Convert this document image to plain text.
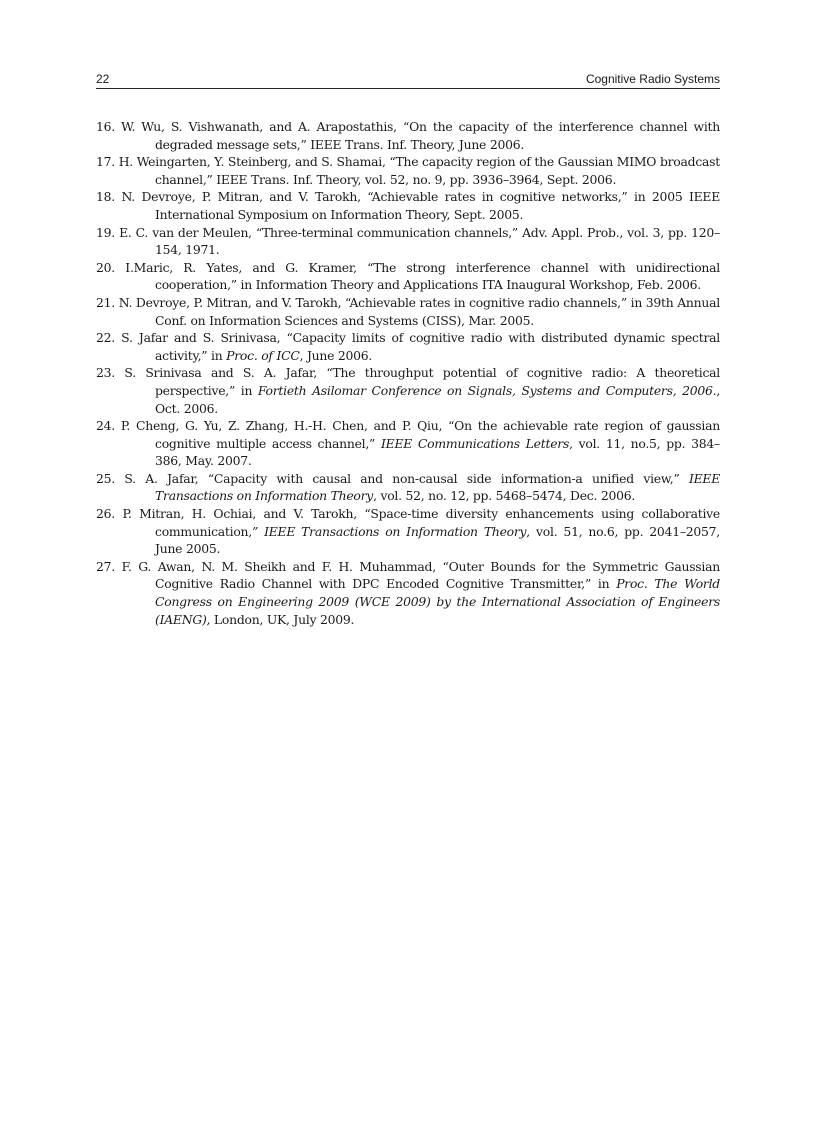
22	Cognitive Radio Systems
16. W. Wu, S. Vishwanath, and A. Arapostathis, “On the capacity of the interference channel with degraded message sets,” IEEE Trans. Inf. Theory, June 2006.
17. H. Weingarten, Y. Steinberg, and S. Shamai, “The capacity region of the Gaussian MIMO broadcast channel,” IEEE Trans. Inf. Theory, vol. 52, no. 9, pp. 3936–3964, Sept. 2006.
18. N. Devroye, P. Mitran, and V. Tarokh, “Achievable rates in cognitive networks,” in 2005 IEEE International Symposium on Information Theory, Sept. 2005.
19. E. C. van der Meulen, “Three-terminal communication channels,” Adv. Appl. Prob., vol. 3, pp. 120–154, 1971.
20. I.Maric, R. Yates, and G. Kramer, “The strong interference channel with unidirectional cooperation,” in Information Theory and Applications ITA Inaugural Workshop, Feb. 2006.
21. N. Devroye, P. Mitran, and V. Tarokh, “Achievable rates in cognitive radio channels,” in 39th Annual Conf. on Information Sciences and Systems (CISS), Mar. 2005.
22. S. Jafar and S. Srinivasa, “Capacity limits of cognitive radio with distributed dynamic spectral activity,” in Proc. of ICC, June 2006.
23. S. Srinivasa and S. A. Jafar, “The throughput potential of cognitive radio: A theoretical perspective,” in Fortieth Asilomar Conference on Signals, Systems and Computers, 2006., Oct. 2006.
24. P. Cheng, G. Yu, Z. Zhang, H.-H. Chen, and P. Qiu, “On the achievable rate region of gaussian cognitive multiple access channel,” IEEE Communications Letters, vol. 11, no.5, pp. 384–386, May. 2007.
25. S. A. Jafar, “Capacity with causal and non-causal side information-a unified view,” IEEE Transactions on Information Theory, vol. 52, no. 12, pp. 5468–5474, Dec. 2006.
26. P. Mitran, H. Ochiai, and V. Tarokh, “Space-time diversity enhancements using collaborative communication,” IEEE Transactions on Information Theory, vol. 51, no.6, pp. 2041–2057, June 2005.
27. F. G. Awan, N. M. Sheikh and F. H. Muhammad, “Outer Bounds for the Symmetric Gaussian Cognitive Radio Channel with DPC Encoded Cognitive Transmitter,” in Proc. The World Congress on Engineering 2009 (WCE 2009) by the International Association of Engineers (IAENG), London, UK, July 2009.
